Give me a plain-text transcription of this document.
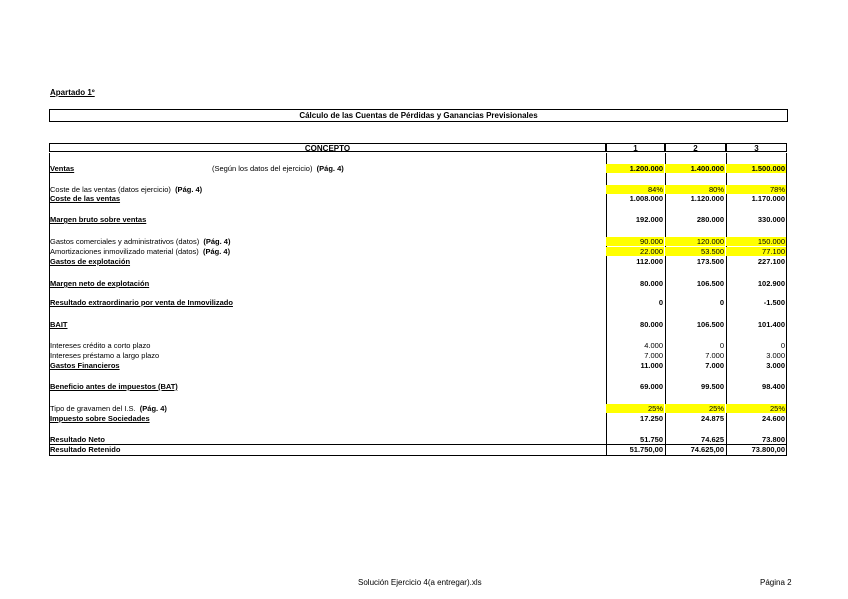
Apartado 1º
Cálculo de las Cuentas de Pérdidas y Ganancias Previsionales
CONCEPTO	1	2	3
Ventas	(Según los datos del ejercicio) (Pág. 4)	1.200.000	1.400.000	1.500.000
Coste de las ventas (datos ejercicio) (Pág. 4)	84%	80%	78%
Coste de las ventas	1.008.000	1.120.000	1.170.000
Margen bruto sobre ventas	192.000	280.000	330.000
Gastos comerciales y administrativos (datos) (Pág. 4)	90.000	120.000	150.000
Amortizaciones inmovilizado material (datos) (Pág. 4)	22.000	53.500	77.100
Gastos de explotación	112.000	173.500	227.100
Margen neto de explotación	80.000	106.500	102.900
Resultado extraordinario por venta de Inmovilizado	0	0	-1.500
BAIT	80.000	106.500	101.400
Intereses crédito a corto plazo	4.000	0	0
Intereses préstamo a largo plazo	7.000	7.000	3.000
Gastos Financieros	11.000	7.000	3.000
Beneficio antes de impuestos (BAT)	69.000	99.500	98.400
Tipo de gravamen del I.S. (Pág. 4)	25%	25%	25%
Impuesto sobre Sociedades	17.250	24.875	24.600
Resultado Neto	51.750	74.625	73.800
Resultado Retenido	51.750,00	74.625,00	73.800,00
Solución Ejercicio 4(a entregar).xls	Página 2
